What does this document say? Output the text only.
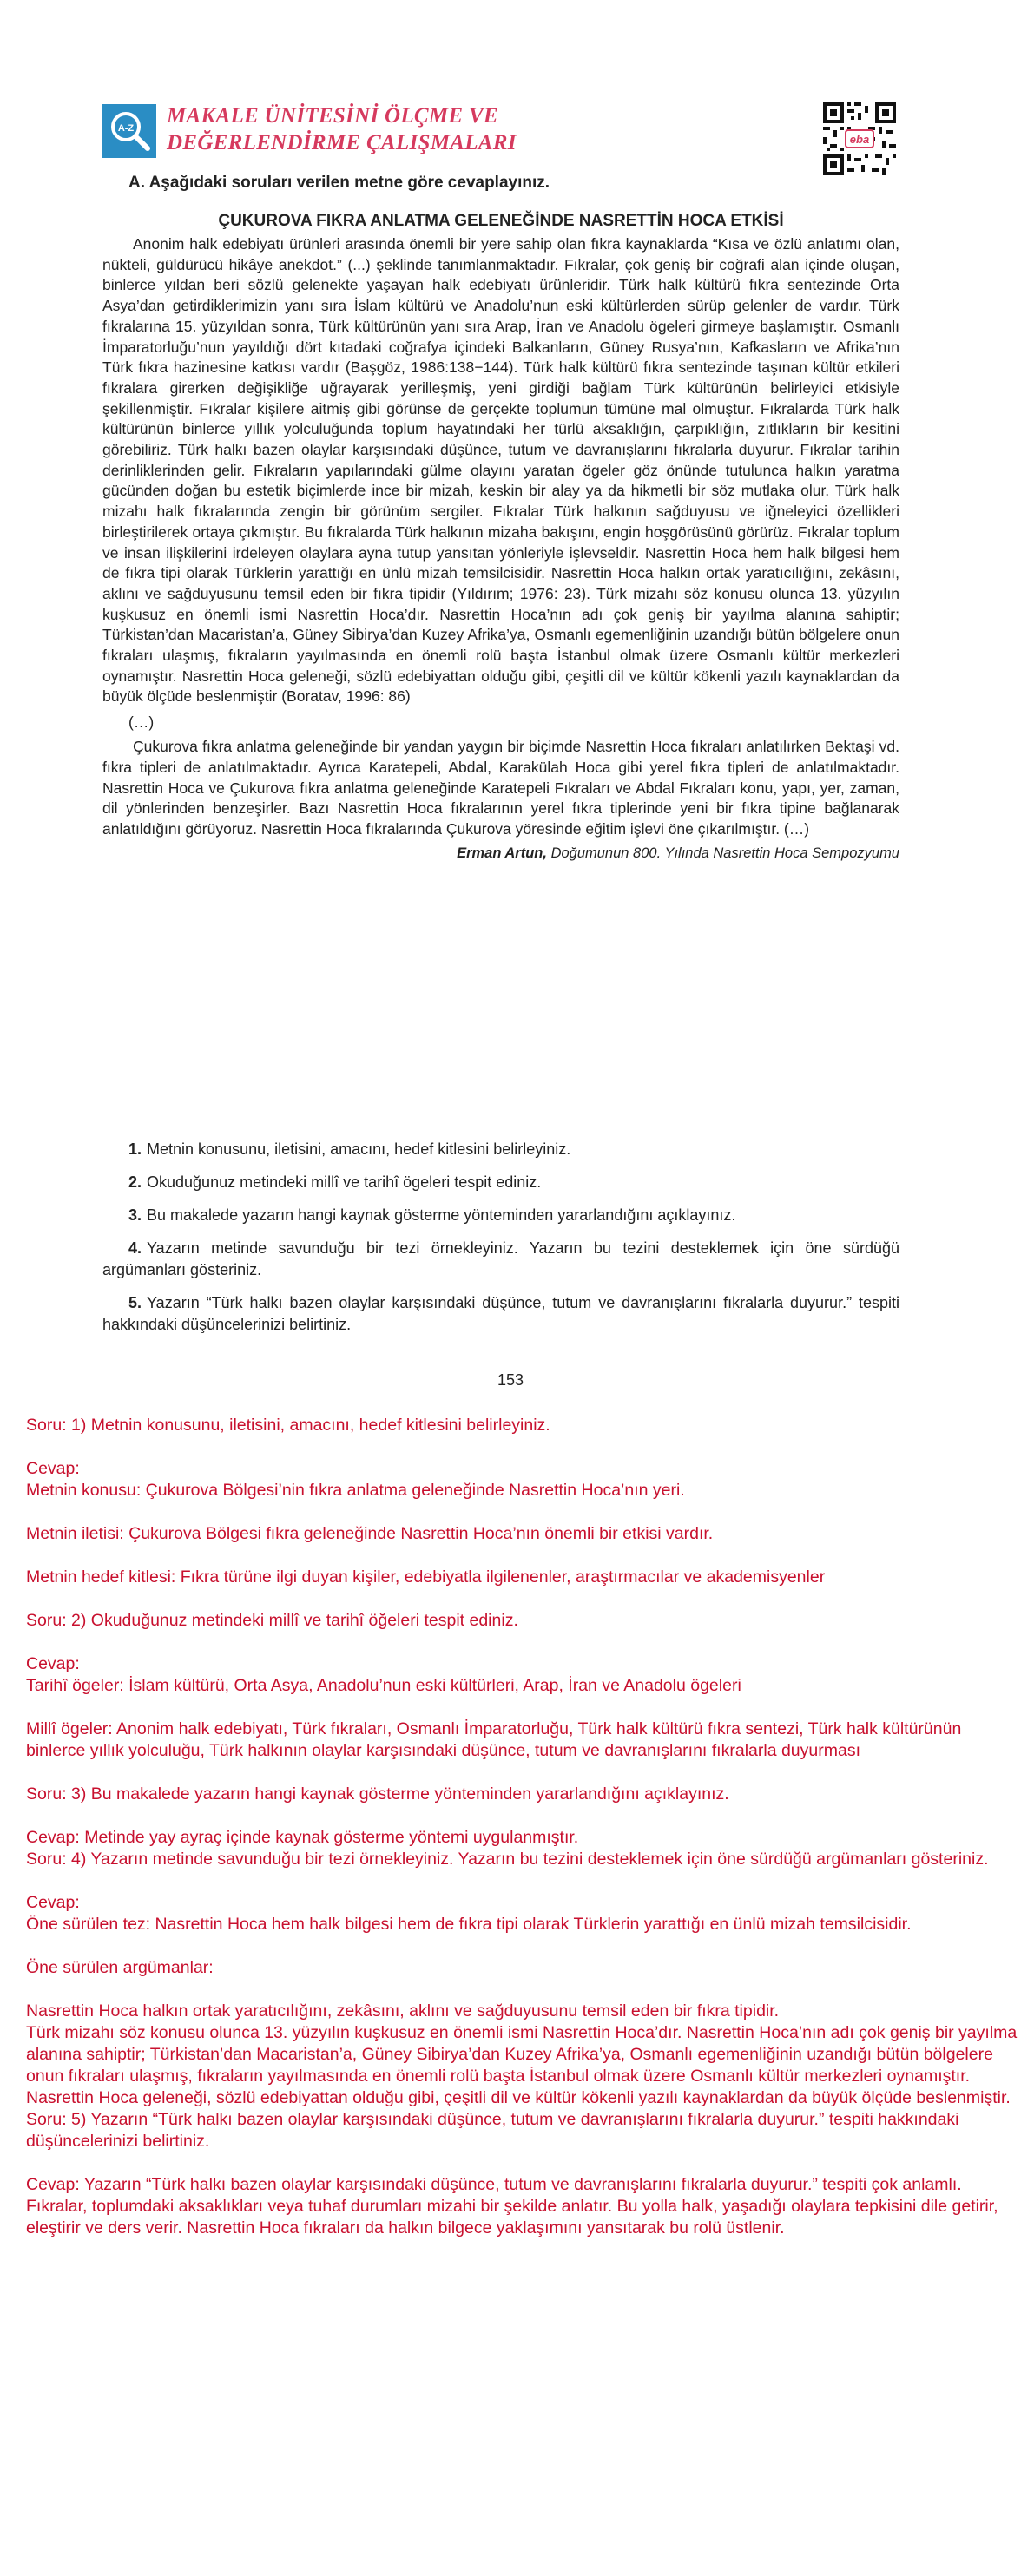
A-Z
MAKALE ÜNİTESİNİ ÖLÇME VE
DEĞERLENDİRME ÇALIŞMALARI	eba
A. Aşağıdaki soruları verilen metne göre cevaplayınız.
ÇUKUROVA FIKRA ANLATMA GELENEĞİNDE NASRETTİN HOCA ETKİSİ

Anonim halk edebiyatı ürünleri arasında önemli bir yere sahip olan fıkra kaynaklarda “Kısa ve özlü anlatımı olan, nükteli, güldürücü hikâye anekdot.” (...) şeklinde tanımlanmaktadır. Fıkralar, çok geniş bir coğrafi alan içinde oluşan, binlerce yıldan beri sözlü gelenekte yaşayan halk edebiyatı ürünleridir. Türk halk kültürü fıkra sentezinde Orta Asya’dan getirdiklerimizin yanı sıra İslam kültürü ve Anadolu’nun eski kültürlerden sürüp gelenler de vardır. Türk fıkralarına 15. yüzyıldan sonra, Türk kültürünün yanı sıra Arap, İran ve Anadolu ögeleri girmeye başlamıştır. Osmanlı İmparatorluğu’nun yayıldığı dört kıtadaki coğrafya içindeki Balkanların, Güney Rusya’nın, Kafkasların ve Afrika’nın Türk fıkra hazinesine katkısı vardır (Başgöz, 1986:138−144). Türk halk kültürü fıkra sentezinde taşınan kültür etkileri fıkralara girerken değişikliğe uğrayarak yerilleşmiş, yeni girdiği bağlam Türk kültürünün belirleyici etkisiyle şekillenmiştir. Fıkralar kişilere aitmiş gibi görünse de gerçekte toplumun tümüne mal olmuştur. Fıkralarda Türk halk kültürünün binlerce yıllık yolculuğunda toplum hayatındaki her türlü aksaklığın, çarpıklığın, zıtlıkların bir kesitini görebiliriz. Türk halkı bazen olaylar karşısındaki düşünce, tutum ve davranışlarını fıkralarla duyurur. Fıkralar tarihin derinliklerinden gelir. Fıkraların yapılarındaki gülme olayını yaratan ögeler göz önünde tutulunca halkın yaratma gücünden doğan bu estetik biçimlerde ince bir mizah, keskin bir alay ya da hikmetli bir söz mutlaka olur. Türk halk mizahı halk fıkralarında zengin bir görünüm sergiler. Fıkralar Türk halkının sağduyusu ve iğneleyici özellikleri birleştirilerek ortaya çıkmıştır. Bu fıkralarda Türk halkının mizaha bakışını, engin hoşgörüsünü görürüz. Fıkralar toplum ve insan ilişkilerini irdeleyen olaylara ayna tutup yansıtan yönleriyle işlevseldir. Nasrettin Hoca hem halk bilgesi hem de fıkra tipi olarak Türklerin yarattığı en ünlü mizah temsilcisidir. Nasrettin Hoca halkın ortak yaratıcılığını, zekâsını, aklını ve sağduyusunu temsil eden bir fıkra tipidir (Yıldırım; 1976: 23). Türk mizahı söz konusu olunca 13. yüzyılın kuşkusuz en önemli ismi Nasrettin Hoca’dır. Nasrettin Hoca’nın adı çok geniş bir yayılma alanına sahiptir; Türkistan’dan Macaristan’a, Güney Sibirya’dan Kuzey Afrika’ya, Osmanlı egemenliğinin uzandığı bütün bölgelere onun fıkraları ulaşmış, fıkraların yayılmasında en önemli rolü başta İstanbul olmak üzere Osmanlı kültür merkezleri oynamıştır. Nasrettin Hoca geleneği, sözlü edebiyattan olduğu gibi, çeşitli dil ve kültür kökenli yazılı kaynaklardan da büyük ölçüde beslenmiştir (Boratav, 1996: 86)

(…)

Çukurova fıkra anlatma geleneğinde bir yandan yaygın bir biçimde Nasrettin Hoca fıkraları anlatılırken Bektaşi vd. fıkra tipleri de anlatılmaktadır. Ayrıca Karatepeli, Abdal, Karakülah Hoca gibi yerel fıkra tipleri de anlatılmaktadır. Nasrettin Hoca ve Çukurova fıkra anlatma geleneğinde Karatepeli Fıkraları ve Abdal Fıkraları konu, yapı, yer, zaman, dil yönlerinden benzeşirler. Bazı Nasrettin Hoca fıkralarının yerel fıkra tiplerinde yeni bir fıkra tipine bağlanarak anlatıldığını görüyoruz. Nasrettin Hoca fıkralarında Çukurova yöresinde eğitim işlevi öne çıkarılmıştır. (…)

Erman Artun, Doğumunun 800. Yılında Nasrettin Hoca Sempozyumu
1. Metnin konusunu, iletisini, amacını, hedef kitlesini belirleyiniz.
2. Okuduğunuz metindeki millî ve tarihî ögeleri tespit ediniz.
3. Bu makalede yazarın hangi kaynak gösterme yönteminden yararlandığını açıklayınız.
4. Yazarın metinde savunduğu bir tezi örnekleyiniz. Yazarın bu tezini desteklemek için öne sürdüğü argümanları gösteriniz.
5. Yazarın “Türk halkı bazen olaylar karşısındaki düşünce, tutum ve davranışlarını fıkralarla duyurur.” tespiti hakkındaki düşüncelerinizi belirtiniz.
153

Soru: 1) Metnin konusunu, iletisini, amacını, hedef kitlesini belirleyiniz.

Cevap:

Metnin konusu: Çukurova Bölgesi’nin fıkra anlatma geleneğinde Nasrettin Hoca’nın yeri.

Metnin iletisi: Çukurova Bölgesi fıkra geleneğinde Nasrettin Hoca’nın önemli bir etkisi vardır.

Metnin hedef kitlesi: Fıkra türüne ilgi duyan kişiler, edebiyatla ilgilenenler, araştırmacılar ve akademisyenler

Soru: 2) Okuduğunuz metindeki millî ve tarihî öğeleri tespit ediniz.

Cevap:

Tarihî ögeler: İslam kültürü, Orta Asya, Anadolu’nun eski kültürleri, Arap, İran ve Anadolu ögeleri

Millî ögeler: Anonim halk edebiyatı, Türk fıkraları, Osmanlı İmparatorluğu, Türk halk kültürü fıkra sentezi, Türk halk kültürünün binlerce yıllık yolculuğu, Türk halkının olaylar karşısındaki düşünce, tutum ve davranışlarını fıkralarla duyurması

Soru: 3) Bu makalede yazarın hangi kaynak gösterme yönteminden yararlandığını açıklayınız.

Cevap: Metinde yay ayraç içinde kaynak gösterme yöntemi uygulanmıştır.

Soru: 4) Yazarın metinde savunduğu bir tezi örnekleyiniz. Yazarın bu tezini desteklemek için öne sürdüğü argümanları gösteriniz.

Cevap:

Öne sürülen tez: Nasrettin Hoca hem halk bilgesi hem de fıkra tipi olarak Türklerin yarattığı en ünlü mizah temsilcisidir.

Öne sürülen argümanlar:

Nasrettin Hoca halkın ortak yaratıcılığını, zekâsını, aklını ve sağduyusunu temsil eden bir fıkra tipidir.

Türk mizahı söz konusu olunca 13. yüzyılın kuşkusuz en önemli ismi Nasrettin Hoca’dır. Nasrettin Hoca’nın adı çok geniş bir yayılma alanına sahiptir; Türkistan’dan Macaristan’a, Güney Sibirya’dan Kuzey Afrika’ya, Osmanlı egemenliğinin uzandığı bütün bölgelere onun fıkraları ulaşmış, fıkraların yayılmasında en önemli rolü başta İstanbul olmak üzere Osmanlı kültür merkezleri oynamıştır.

Nasrettin Hoca geleneği, sözlü edebiyattan olduğu gibi, çeşitli dil ve kültür kökenli yazılı kaynaklardan da büyük ölçüde beslenmiştir.

Soru: 5) Yazarın “Türk halkı bazen olaylar karşısındaki düşünce, tutum ve davranışlarını fıkralarla duyurur.” tespiti hakkındaki düşüncelerinizi belirtiniz.

Cevap: Yazarın “Türk halkı bazen olaylar karşısındaki düşünce, tutum ve davranışlarını fıkralarla duyurur.” tespiti çok anlamlı. Fıkralar, toplumdaki aksaklıkları veya tuhaf durumları mizahi bir şekilde anlatır. Bu yolla halk, yaşadığı olaylara tepkisini dile getirir, eleştirir ve ders verir. Nasrettin Hoca fıkraları da halkın bilgece yaklaşımını yansıtarak bu rolü üstlenir.
